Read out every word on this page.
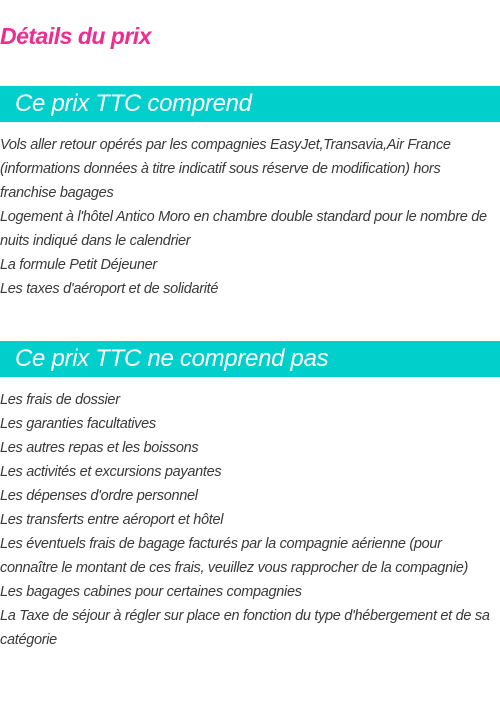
Détails du prix
Ce prix TTC comprend
Vols aller retour opérés par les compagnies EasyJet,Transavia,Air France (informations données à titre indicatif sous réserve de modification) hors franchise bagages
Logement à l'hôtel Antico Moro en chambre double standard pour le nombre de nuits indiqué dans le calendrier
La formule Petit Déjeuner
Les taxes d'aéroport et de solidarité
Ce prix TTC ne comprend pas
Les frais de dossier
Les garanties facultatives
Les autres repas et les boissons
Les activités et excursions payantes
Les dépenses d'ordre personnel
Les transferts entre aéroport et hôtel
Les éventuels frais de bagage facturés par la compagnie aérienne (pour connaître le montant de ces frais, veuillez vous rapprocher de la compagnie)
Les bagages cabines pour certaines compagnies
La Taxe de séjour à régler sur place en fonction du type d'hébergement et de sa catégorie
